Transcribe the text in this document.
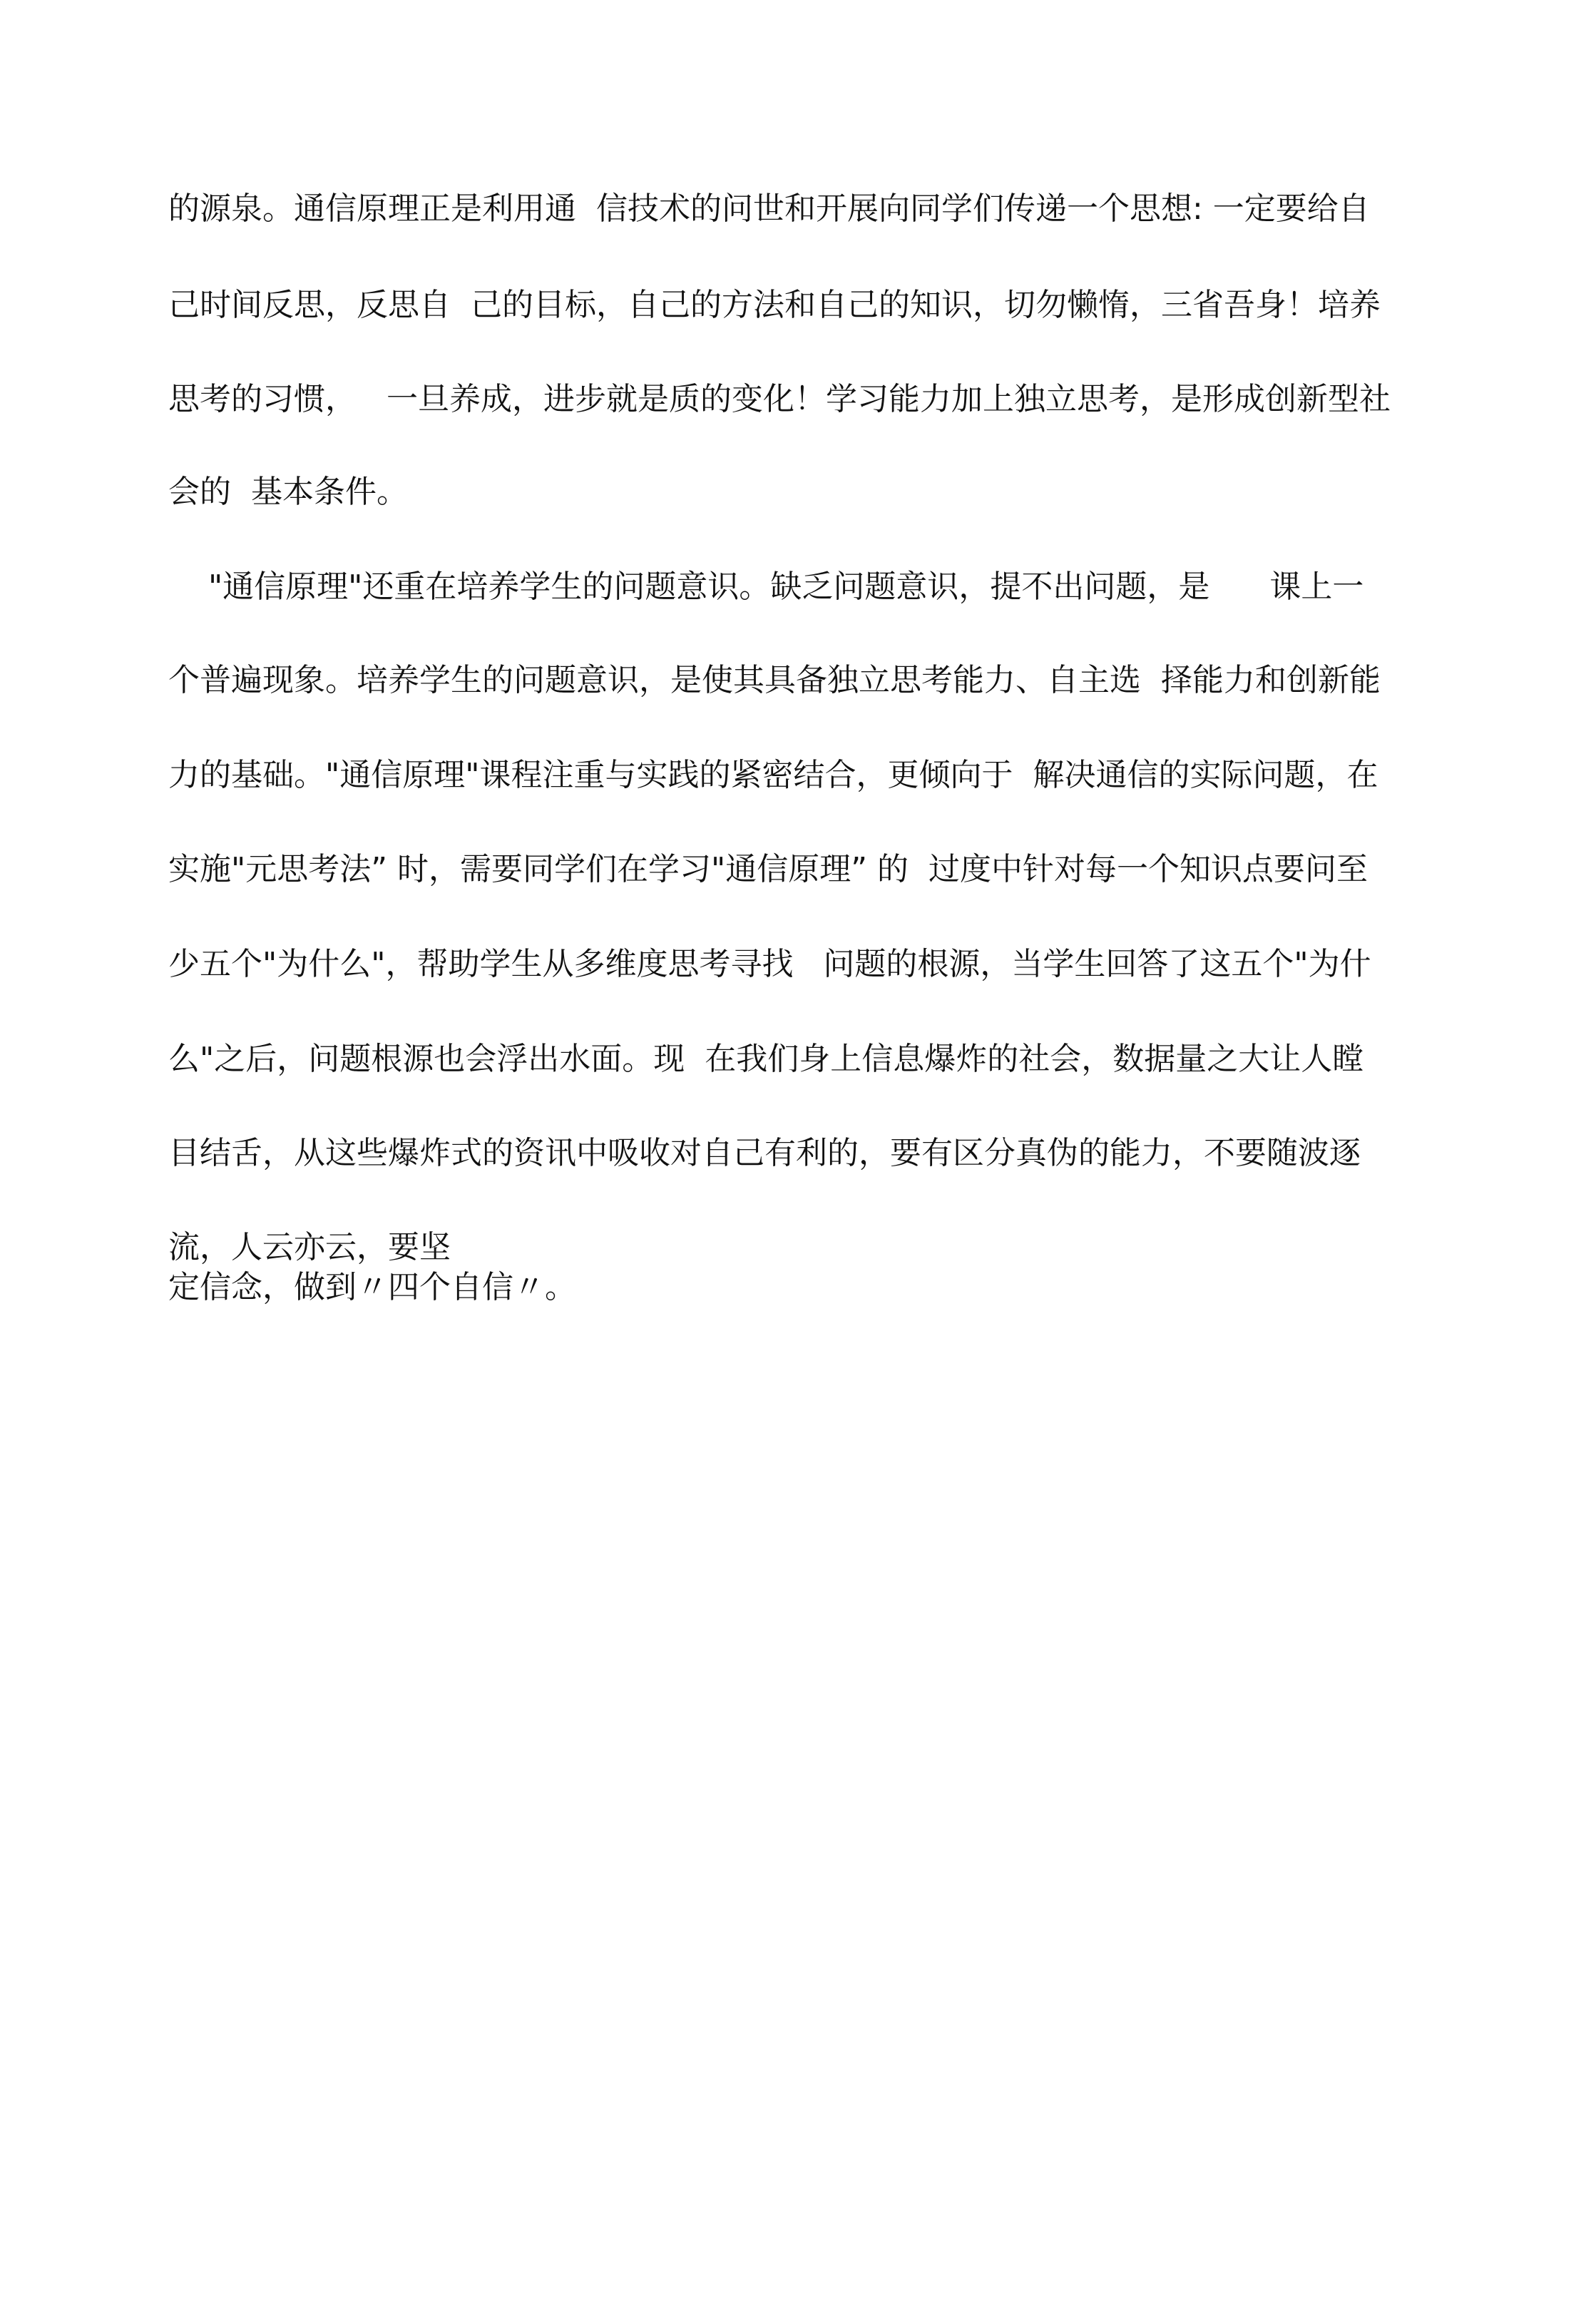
的源泉。通信原理正是利用通  信技术的问世和开展向同学们传递一个思想: 一定要给自
己时间反思，反思自  己的目标，自己的方法和自己的知识，切勿懒惰，三省吾身！培养
思考的习惯，   一旦养成，进步就是质的变化！学习能力加上独立思考，是形成创新型社
会的  基本条件。
"通信原理"还重在培养学生的问题意识。缺乏问题意识，提不出问题，是      课上一
个普遍现象。培养学生的问题意识，是使其具备独立思考能力、自主选  择能力和创新能
力的基础。"通信原理"课程注重与实践的紧密结合，更倾向于  解决通信的实际问题，在
实施"元思考法” 时，需要同学们在学习"通信原理” 的  过度中针对每一个知识点要问至
少五个"为什么"，帮助学生从多维度思考寻找   问题的根源，当学生回答了这五个"为什
么"之后，问题根源也会浮出水面。现  在我们身上信息爆炸的社会，数据量之大让人瞠
目结舌，从这些爆炸式的资讯中吸收对自己有利的，要有区分真伪的能力，不要随波逐
流，人云亦云，要坚
定信念，做到〃四个自信〃。
